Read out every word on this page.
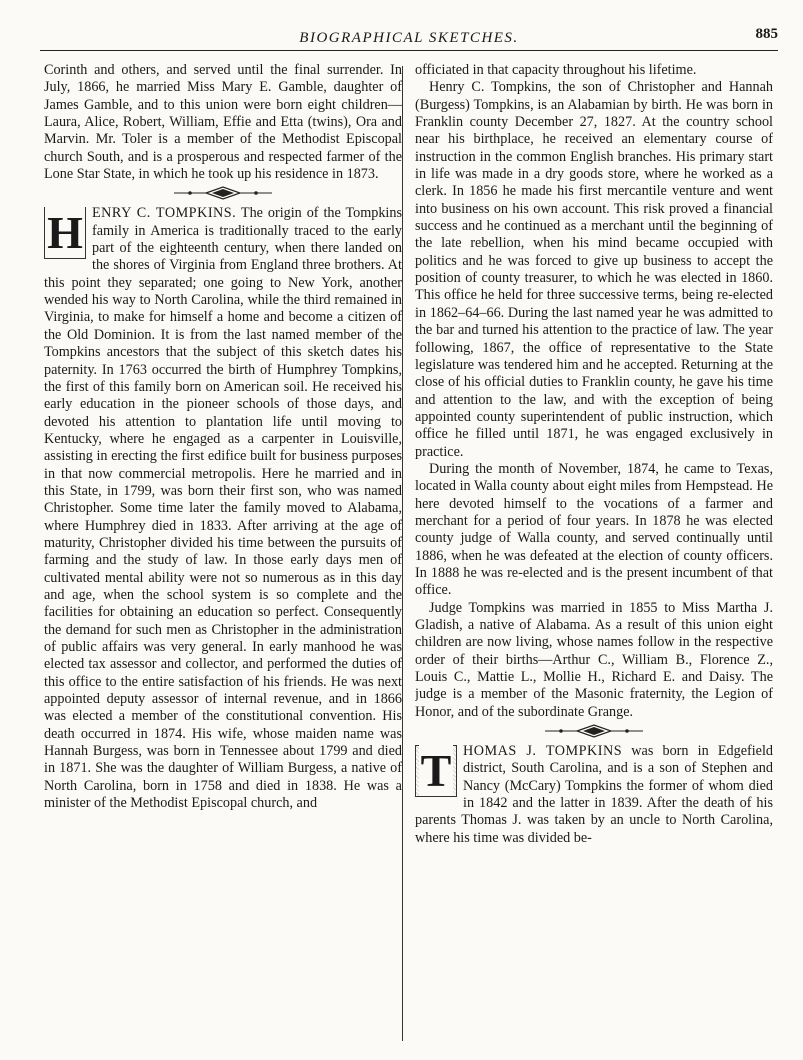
BIOGRAPHICAL SKETCHES.	885

Corinth and others, and served until the final surrender. In July, 1866, he married Miss Mary E. Gamble, daughter of James Gamble, and to this union were born eight children—Laura, Alice, Robert, William, Effie and Etta (twins), Ora and Marvin. Mr. Toler is a member of the Methodist Episcopal church South, and is a prosperous and respected farmer of the Lone Star State, in which he took up his residence in 1873.

H ENRY C. TOMPKINS. The origin of the Tompkins family in America is traditionally traced to the early part of the eighteenth century, when there landed on the shores of Virginia from England three brothers. At this point they separated; one going to New York, another wended his way to North Carolina, while the third remained in Virginia, to make for himself a home and become a citizen of the Old Dominion. It is from the last named member of the Tompkins ancestors that the subject of this sketch dates his paternity. In 1763 occurred the birth of Humphrey Tompkins, the first of this family born on American soil. He received his early education in the pioneer schools of those days, and devoted his attention to plantation life until moving to Kentucky, where he engaged as a carpenter in Louisville, assisting in erecting the first edifice built for business purposes in that now commercial metropolis. Here he married and in this State, in 1799, was born their first son, who was named Christopher. Some time later the family moved to Alabama, where Humphrey died in 1833. After arriving at the age of maturity, Christopher divided his time between the pursuits of farming and the study of law. In those early days men of cultivated mental ability were not so numerous as in this day and age, when the school system is so complete and the facilities for obtaining an education so perfect. Consequently the demand for such men as Christopher in the administration of public affairs was very general. In early manhood he was elected tax assessor and collector, and performed the duties of this office to the entire satisfaction of his friends. He was next appointed deputy assessor of internal revenue, and in 1866 was elected a member of the constitutional convention. His death occurred in 1874. His wife, whose maiden name was Hannah Burgess, was born in Tennessee about 1799 and died in 1871. She was the daughter of William Burgess, a native of North Carolina, born in 1758 and died in 1838. He was a minister of the Methodist Episcopal church, and

officiated in that capacity throughout his lifetime.

Henry C. Tompkins, the son of Christopher and Hannah (Burgess) Tompkins, is an Alabamian by birth. He was born in Franklin county December 27, 1827. At the country school near his birthplace, he received an elementary course of instruction in the common English branches. His primary start in life was made in a dry goods store, where he worked as a clerk. In 1856 he made his first mercantile venture and went into business on his own account. This risk proved a financial success and he continued as a merchant until the beginning of the late rebellion, when his mind became occupied with politics and he was forced to give up business to accept the position of county treasurer, to which he was elected in 1860. This office he held for three successive terms, being re-elected in 1862–64–66. During the last named year he was admitted to the bar and turned his attention to the practice of law. The year following, 1867, the office of representative to the State legislature was tendered him and he accepted. Returning at the close of his official duties to Franklin county, he gave his time and attention to the law, and with the exception of being appointed county superintendent of public instruction, which office he filled until 1871, he was engaged exclusively in practice.

During the month of November, 1874, he came to Texas, located in Walla county about eight miles from Hempstead. He here devoted himself to the vocations of a farmer and merchant for a period of four years. In 1878 he was elected county judge of Walla county, and served continually until 1886, when he was defeated at the election of county officers. In 1888 he was re-elected and is the present incumbent of that office.

Judge Tompkins was married in 1855 to Miss Martha J. Gladish, a native of Alabama. As a result of this union eight children are now living, whose names follow in the respective order of their births—Arthur C., William B., Florence Z., Louis C., Mattie L., Mollie H., Richard E. and Daisy. The judge is a member of the Masonic fraternity, the Legion of Honor, and of the subordinate Grange.

T HOMAS J. TOMPKINS was born in Edgefield district, South Carolina, and is a son of Stephen and Nancy (McCary) Tompkins the former of whom died in 1842 and the latter in 1839. After the death of his parents Thomas J. was taken by an uncle to North Carolina, where his time was divided be-
